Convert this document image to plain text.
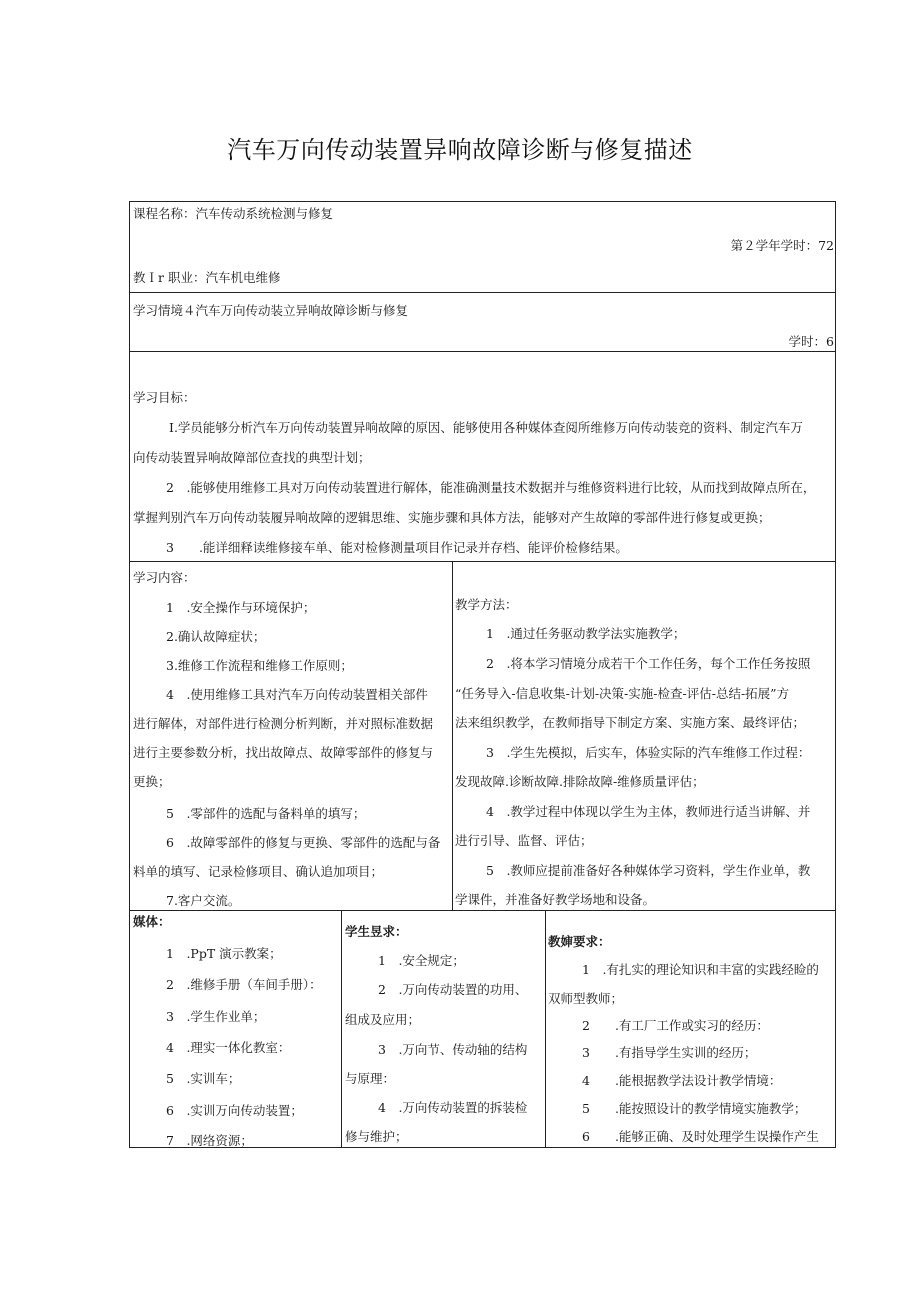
汽车万向传动装置异响故障诊断与修复描述
课程名称：汽车传动系统检测与修复
第２学年学时：72
教Ｉr 职业：汽车机电维修
学习情境４汽车万向传动装立异响故障诊断与修复
学时：6
学习目标：
Ⅰ.学员能够分析汽车万向传动装置异响故障的原因、能够使用各种媒体查阅所维修万向传动装竞的资料、制定汽车万
向传动装置异响故障部位查找的典型计划；
2　.能够使用维修工具对万向传动装置进行解体，能准确测量技术数据并与维修资料进行比较，从而找到故障点所在，
掌握判别汽车万向传动装履异响故障的逻辑思维、实施步骤和具体方法，能够对产生故障的零部件进行修复或更换；
3　　.能详细释读维修接车单、能对检修测量项目作记录并存档、能评价检修结果。
学习内容：
1　.安全操作与环境保护；
2.确认故障症状；
3.维修工作流程和维修工作原则；
4　.使用维修工具对汽车万向传动装置相关部件
进行解体，对部件进行检测分析判断，并对照标准数据
进行主要参数分析，找出故障点、故障零部件的修复与
更换；
5　.零部件的选配与备料单的填写；
6　.故障零部件的修复与更换、零部件的选配与备
料单的填写、记录检修项目、确认追加项目；
7.客户交流。
教学方法：
1　.通过任务驱动教学法实施教学；
2　.将本学习情境分成若干个工作任务，每个工作任务按照
“任务导入-信息收集-计划-决策-实施-检查-评估-总结-拓展”方
法来组织教学，在教师指导下制定方案、实施方案、最终评估；
3　.学生先模拟，后实车，体验实际的汽车维修工作过程：
发现故障.诊断故障.排除故障-维修质量评估；
4　.教学过程中体现以学生为主体，教师进行适当讲解、并
进行引导、监督、评估；
5　.教师应提前准备好各种媒体学习资料，学生作业单，教
学课件，并准备好教学场地和设备。
媒体：
1　.PpT 演示教案；
2　.维修手册（车间手册）：
3　.学生作业单；
4　.理实一体化教室：
5　.实训车；
6　.实训万向传动装置；
7　.网络资源；
学生昱求：
1　.安全规定；
2　.万向传动装置的功用、
组成及应用；
3　.万向节、传动轴的结构
与原理：
4　.万向传动装置的拆装检
修与维护；
教婶要求：
1　.有扎实的理论知识和丰富的实践经睑的
双师型教师；
2　　.有工厂工作或实习的经历：
3　　.有指导学生实训的经历；
4　　.能根据教学法设计教学情境：
5　　.能按照设计的教学情境实施教学；
6　　.能够正确、及时处理学生误操作产生
